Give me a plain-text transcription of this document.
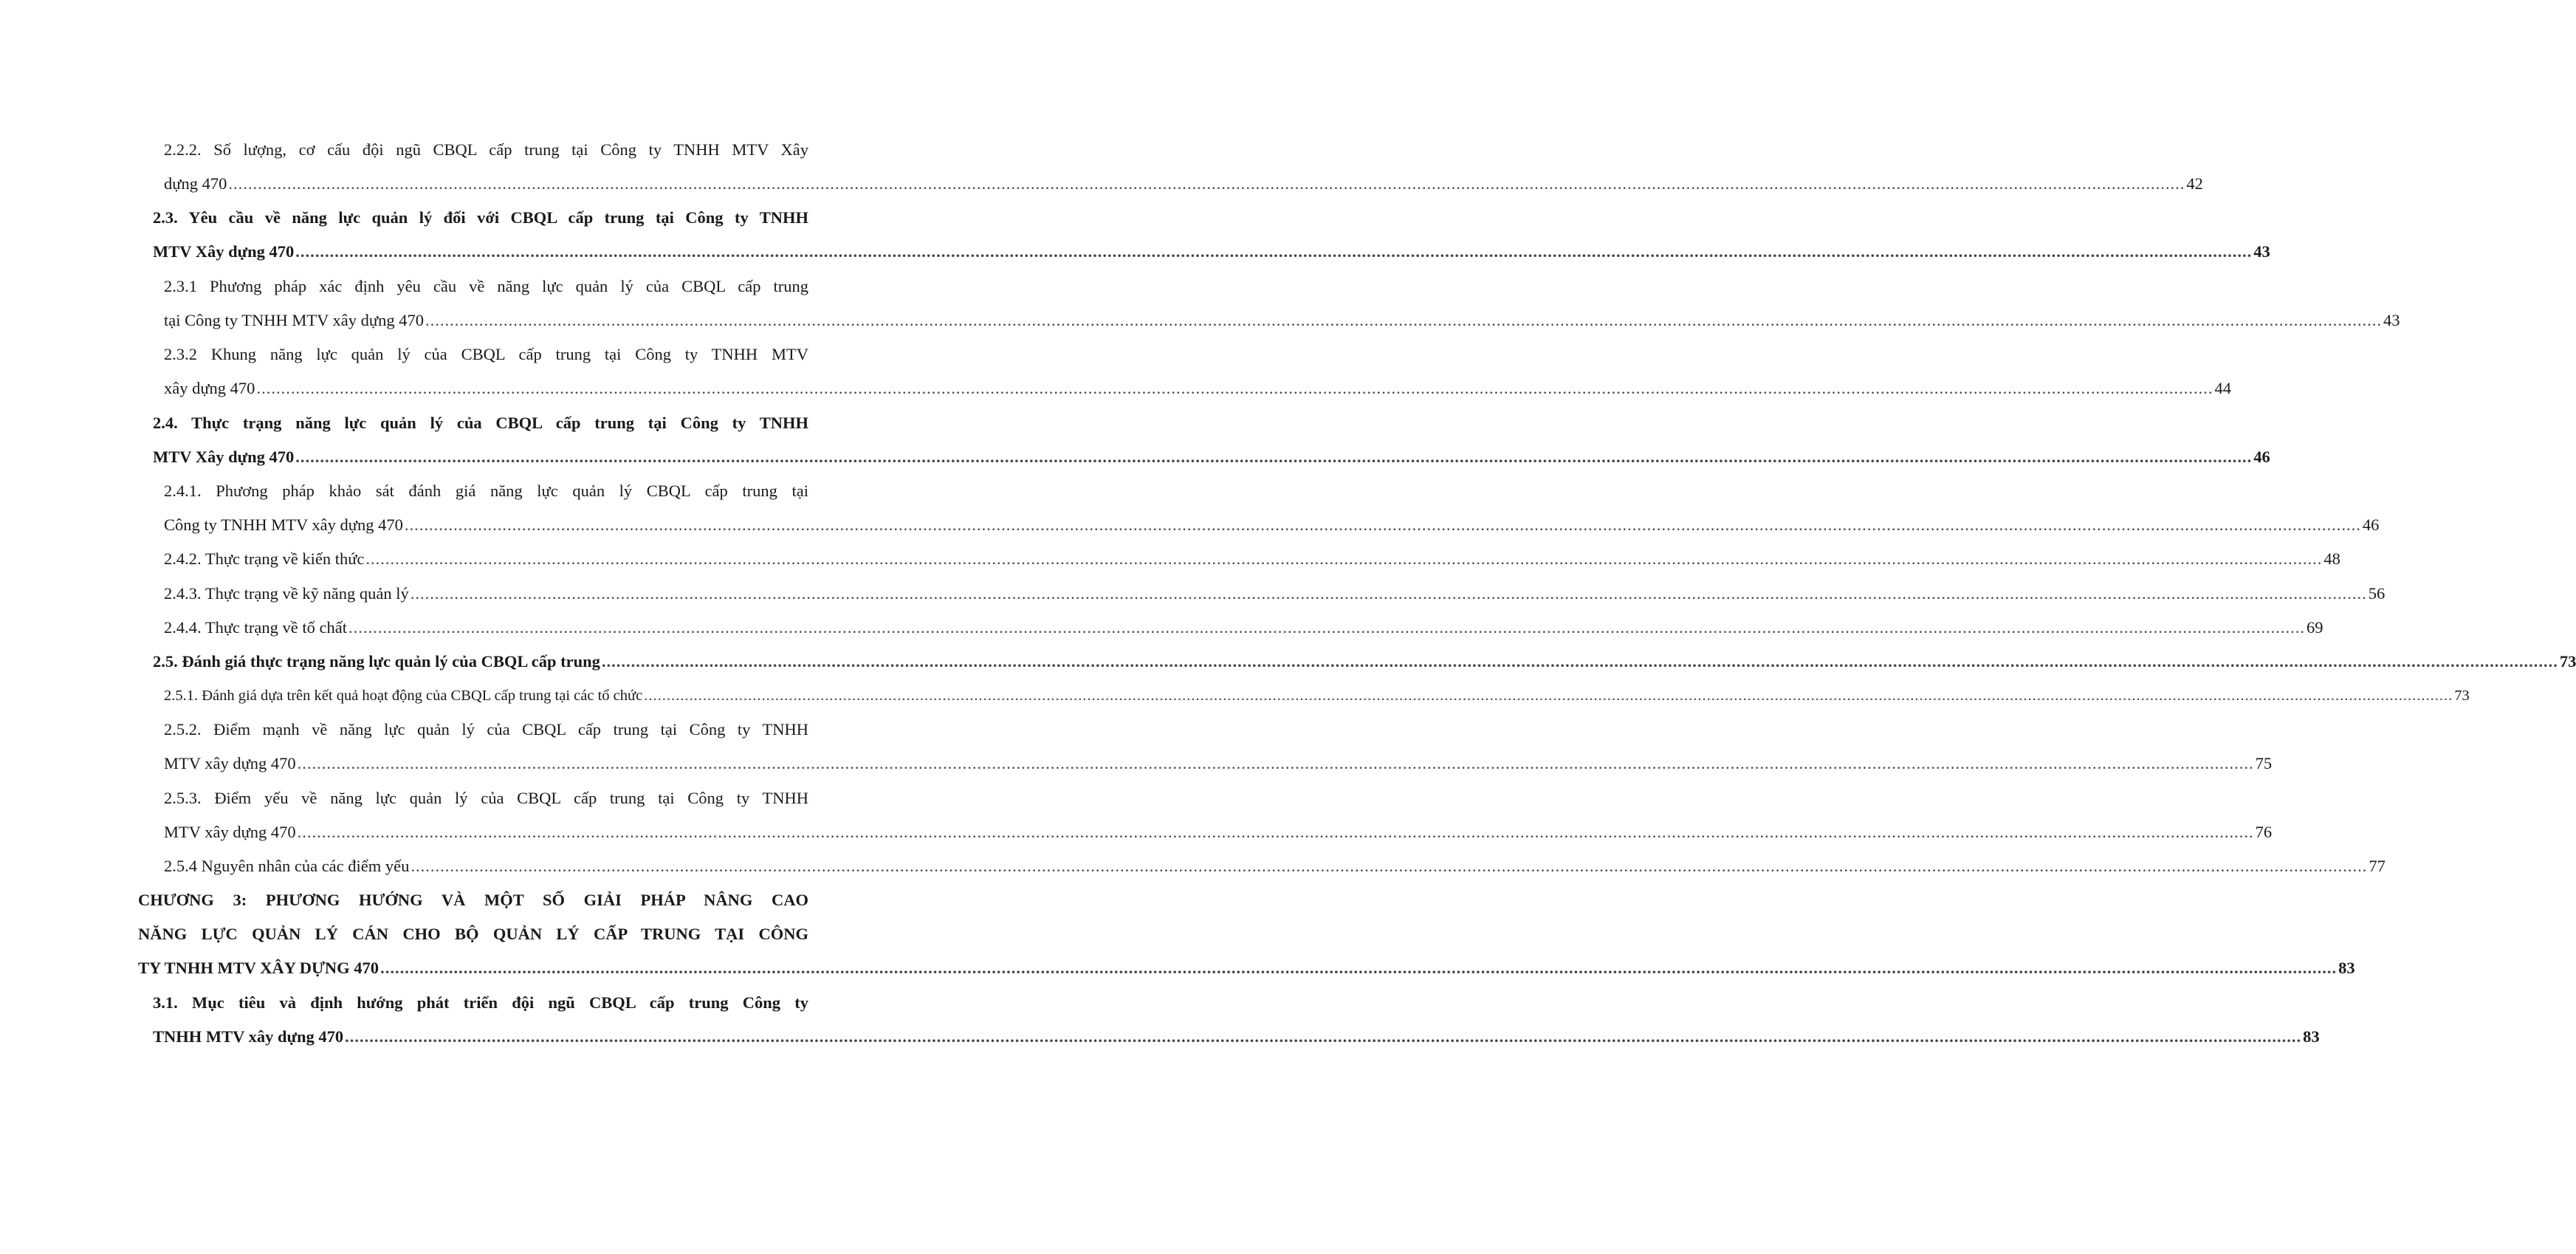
2.2.2. Số lượng, cơ cấu đội ngũ CBQL cấp trung tại Công ty TNHH MTV Xây
dựng 470 ................................................................................................................................................................................................................................................................................................................................................................................................................ 42
2.3. Yêu cầu về năng lực quản lý đối với CBQL cấp trung tại Công ty TNHH
MTV Xây dựng 470 ................................................................................................................................................................................................................................................................................................................................................................................................................ 43
2.3.1 Phương pháp xác định yêu cầu về năng lực quản lý của CBQL cấp trung
tại Công ty TNHH MTV xây dựng 470 ................................................................................................................................................................................................................................................................................................................................................................................................................ 43
2.3.2 Khung năng lực quản lý của CBQL cấp trung tại Công ty TNHH MTV
xây dựng 470 ................................................................................................................................................................................................................................................................................................................................................................................................................ 44
2.4. Thực trạng năng lực quản lý của CBQL cấp trung tại Công ty TNHH
MTV Xây dựng 470 ................................................................................................................................................................................................................................................................................................................................................................................................................ 46
2.4.1. Phương pháp khảo sát đánh giá năng lực quản lý CBQL cấp trung tại
Công ty TNHH MTV xây dựng 470 ................................................................................................................................................................................................................................................................................................................................................................................................................ 46
2.4.2. Thực trạng về kiến thức ................................................................................................................................................................................................................................................................................................................................................................................................................ 48
2.4.3. Thực trạng về kỹ năng quản lý ................................................................................................................................................................................................................................................................................................................................................................................................................ 56
2.4.4. Thực trạng về tố chất ................................................................................................................................................................................................................................................................................................................................................................................................................ 69
2.5. Đánh giá thực trạng năng lực quản lý của CBQL cấp trung ................................................................................................................................................................................................................................................................................................................................................................................................................ 73
2.5.1. Đánh giá dựa trên kết quả hoạt động của CBQL cấp trung tại các tổ chức ................................................................................................................................................................................................................................................................................................................................................................................................................ 73
2.5.2. Điểm mạnh về năng lực quản lý của CBQL cấp trung tại Công ty TNHH
MTV xây dựng 470 ................................................................................................................................................................................................................................................................................................................................................................................................................ 75
2.5.3. Điểm yếu về năng lực quản lý của CBQL cấp trung tại Công ty TNHH
MTV xây dựng 470 ................................................................................................................................................................................................................................................................................................................................................................................................................ 76
2.5.4 Nguyên nhân của các điểm yếu ................................................................................................................................................................................................................................................................................................................................................................................................................ 77
CHƯƠNG 3: PHƯƠNG HƯỚNG VÀ MỘT SỐ GIẢI PHÁP NÂNG CAO
NĂNG LỰC QUẢN LÝ CÁN CHO BỘ QUẢN LÝ CẤP TRUNG TẠI CÔNG
TY TNHH MTV XÂY DỰNG 470 ................................................................................................................................................................................................................................................................................................................................................................................................................ 83
3.1. Mục tiêu và định hướng phát triển đội ngũ CBQL cấp trung Công ty
TNHH MTV xây dựng 470 ................................................................................................................................................................................................................................................................................................................................................................................................................ 83
